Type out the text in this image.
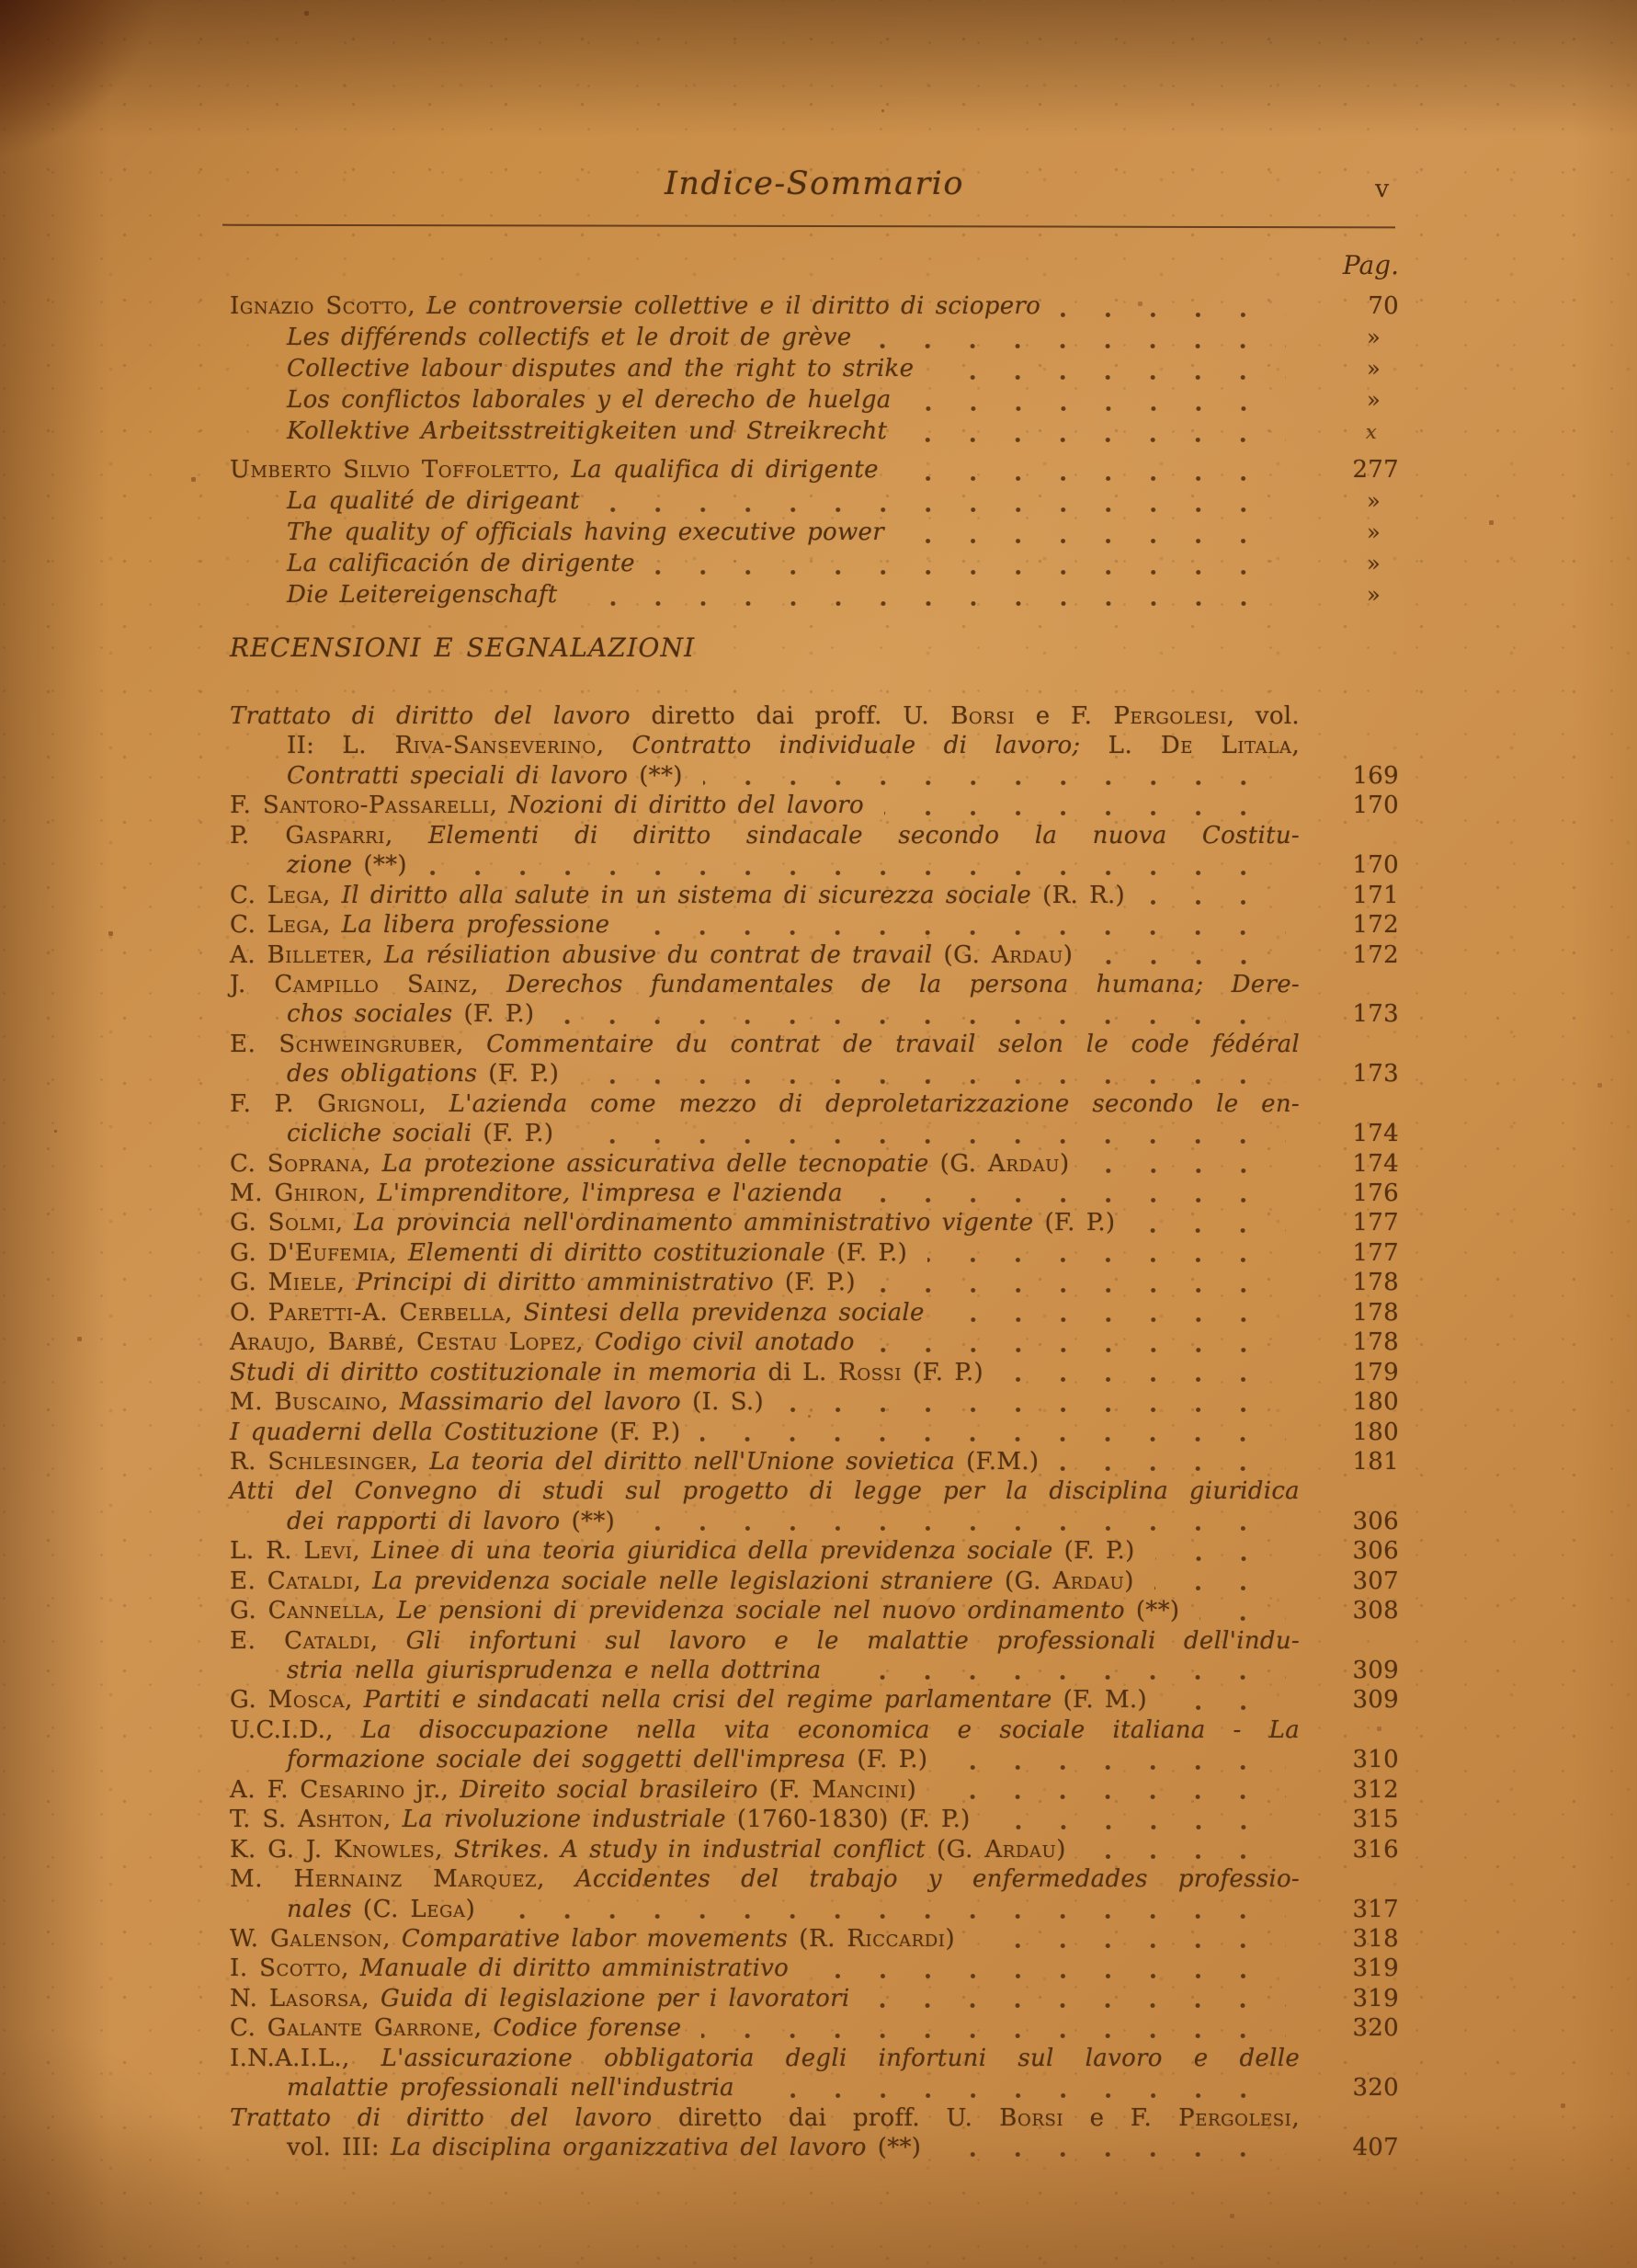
Indice-Sommario	v
Pag.
Ignazio Scotto, Le controversie collettive e il diritto di sciopero	70
Les différends collectifs et le droit de grève	»
Collective labour disputes and the right to strike	»
Los conflictos laborales y el derecho de huelga	»
Kollektive Arbeitsstreitigkeiten und Streikrecht	x
Umberto Silvio Toffoletto, La qualifica di dirigente	277
La qualité de dirigeant	»
The quality of officials having executive power	»
La calificación de dirigente	»
Die Leitereigenschaft	»
RECENSIONI E SEGNALAZIONI
Trattato di diritto del lavoro diretto dai proff. U. Borsi e F. Pergolesi, vol.
II: L. Riva-Sanseverino, Contratto individuale di lavoro; L. De Litala,
Contratti speciali di lavoro (**)	169
F. Santoro-Passarelli, Nozioni di diritto del lavoro	170
P. Gasparri, Elementi di diritto sindacale secondo la nuova Costitu-
zione (**)	170
C. Lega, Il diritto alla salute in un sistema di sicurezza sociale (R. R.)	171
C. Lega, La libera professione	172
A. Billeter, La résiliation abusive du contrat de travail (G. Ardau)	172
J. Campillo Sainz, Derechos fundamentales de la persona humana; Dere-
chos sociales (F. P.)	173
E. Schweingruber, Commentaire du contrat de travail selon le code fédéral
des obligations (F. P.)	173
F. P. Grignoli, L'azienda come mezzo di deproletarizzazione secondo le en-
cicliche sociali (F. P.)	174
C. Soprana, La protezione assicurativa delle tecnopatie (G. Ardau)	174
M. Ghiron, L'imprenditore, l'impresa e l'azienda	176
G. Solmi, La provincia nell'ordinamento amministrativo vigente (F. P.)	177
G. D'Eufemia, Elementi di diritto costituzionale (F. P.)	177
G. Miele, Principi di diritto amministrativo (F. P.)	178
O. Paretti-A. Cerbella, Sintesi della previdenza sociale	178
Araujo, Barbé, Cestau Lopez, Codigo civil anotado	178
Studi di diritto costituzionale in memoria di L. Rossi (F. P.)	179
M. Buscaino, Massimario del lavoro (I. S.)	180
I quaderni della Costituzione (F. P.)	180
R. Schlesinger, La teoria del diritto nell'Unione sovietica (F.M.)	181
Atti del Convegno di studi sul progetto di legge per la disciplina giuridica
dei rapporti di lavoro (**)	306
L. R. Levi, Linee di una teoria giuridica della previdenza sociale (F. P.)	306
E. Cataldi, La previdenza sociale nelle legislazioni straniere (G. Ardau)	307
G. Cannella, Le pensioni di previdenza sociale nel nuovo ordinamento (**)	308
E. Cataldi, Gli infortuni sul lavoro e le malattie professionali dell'indu-
stria nella giurisprudenza e nella dottrina	309
G. Mosca, Partiti e sindacati nella crisi del regime parlamentare (F. M.)	309
U.C.I.D., La disoccupazione nella vita economica e sociale italiana - La
formazione sociale dei soggetti dell'impresa (F. P.)	310
A. F. Cesarino jr., Direito social brasileiro (F. Mancini)	312
T. S. Ashton, La rivoluzione industriale (1760-1830) (F. P.)	315
K. G. J. Knowles, Strikes. A study in industrial conflict (G. Ardau)	316
M. Hernainz Marquez, Accidentes del trabajo y enfermedades professio-
nales (C. Lega)	317
W. Galenson, Comparative labor movements (R. Riccardi)	318
I. Scotto, Manuale di diritto amministrativo	319
N. Lasorsa, Guida di legislazione per i lavoratori	319
C. Galante Garrone, Codice forense	320
I.N.A.I.L., L'assicurazione obbligatoria degli infortuni sul lavoro e delle
malattie professionali nell'industria	320
Trattato di diritto del lavoro diretto dai proff. U. Borsi e F. Pergolesi,
vol. III: La disciplina organizzativa del lavoro (**)	407
